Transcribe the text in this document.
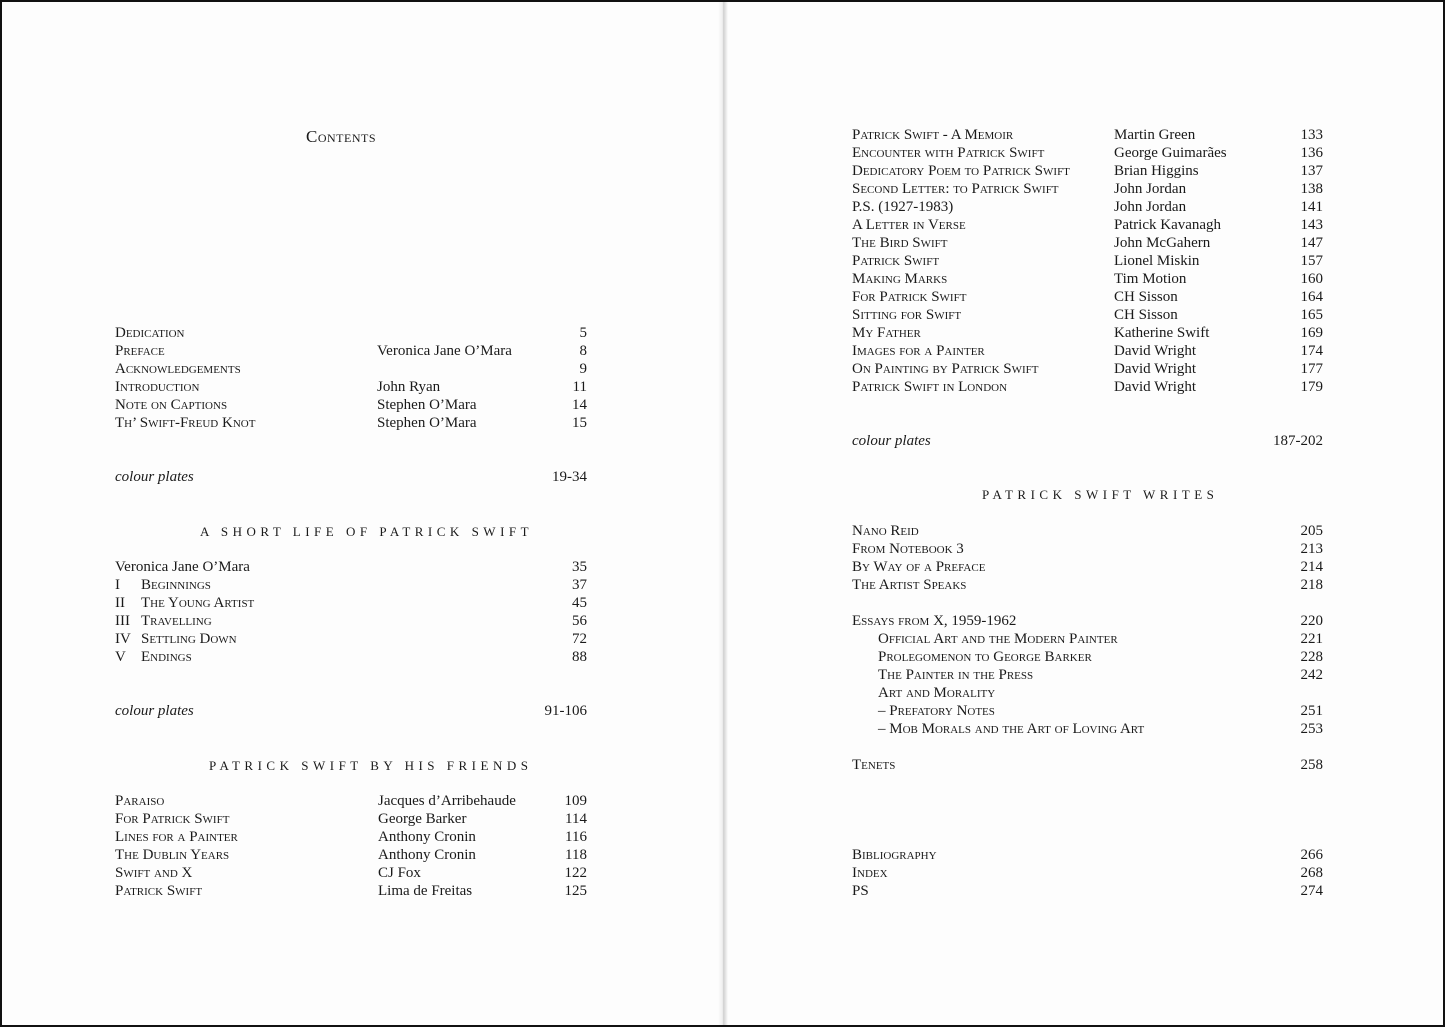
Contents
Dedication	5
Preface	Veronica Jane O’Mara	8
Acknowledgements	9
Introduction	John Ryan	11
Note on Captions	Stephen O’Mara	14
Th’ Swift-Freud Knot	Stephen O’Mara	15
colour plates	19-34
A SHORT LIFE OF PATRICK SWIFT
Veronica Jane O’Mara	35
I	Beginnings	37
II	The Young Artist	45
III Travelling	56
IV Settling Down	72
V	Endings	88
colour plates	91-106
PATRICK SWIFT BY HIS FRIENDS
Paraiso	Jacques d’Arribehaude	109
For Patrick Swift	George Barker	114
Lines for a Painter	Anthony Cronin	116
The Dublin Years	Anthony Cronin	118
Swift and X	CJ Fox	122
Patrick Swift	Lima de Freitas	125
Patrick Swift - A Memoir	Martin Green	133
Encounter with Patrick Swift	George Guimarães	136
Dedicatory Poem to Patrick Swift	Brian Higgins	137
Second Letter: to Patrick Swift	John Jordan	138
P.S. (1927-1983)	John Jordan	141
A Letter in Verse	Patrick Kavanagh	143
The Bird Swift	John McGahern	147
Patrick Swift	Lionel Miskin	157
Making Marks	Tim Motion	160
For Patrick Swift	CH Sisson	164
Sitting for Swift	CH Sisson	165
My Father	Katherine Swift	169
Images for a Painter	David Wright	174
On Painting by Patrick Swift	David Wright	177
Patrick Swift in London	David Wright	179
colour plates	187-202
PATRICK SWIFT WRITES
Nano Reid	205
From Notebook 3	213
By Way of a Preface	214
The Artist Speaks	218
Essays from X, 1959-1962	220
Official Art and the Modern Painter	221
Prolegomenon to George Barker	228
The Painter in the Press	242
Art and Morality
– Prefatory Notes	251
– Mob Morals and the Art of Loving Art	253
Tenets	258
Bibliography	266
Index	268
PS	274
